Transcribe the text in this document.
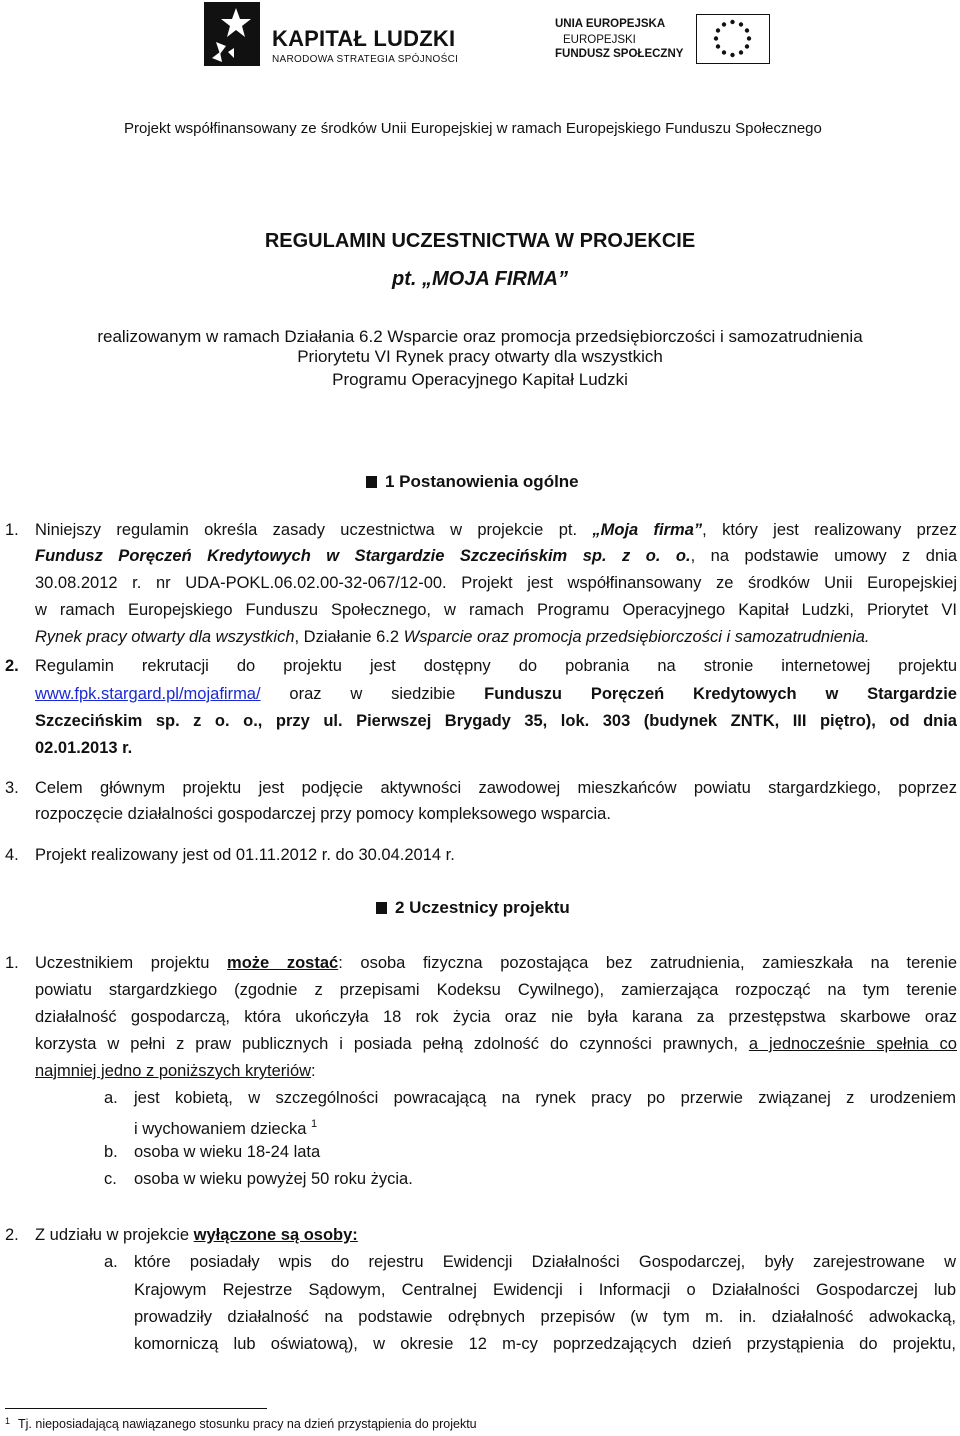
KAPITAŁ LUDZKI
NARODOWA STRATEGIA SPÓJNOŚCI
UNIA EUROPEJSKA
EUROPEJSKI
FUNDUSZ SPOŁECZNY
Projekt współfinansowany ze środków Unii Europejskiej w ramach Europejskiego Funduszu Społecznego
REGULAMIN UCZESTNICTWA W PROJEKCIE
pt. „MOJA FIRMA”
realizowanym w ramach Działania 6.2 Wsparcie oraz promocja przedsiębiorczości i samozatrudnienia
Priorytetu VI Rynek pracy otwarty dla wszystkich
Programu Operacyjnego Kapitał Ludzki
1 Postanowienia ogólne
1. Niniejszy regulamin określa zasady uczestnictwa w projekcie pt. „Moja firma”, który jest realizowany przez
Fundusz Poręczeń Kredytowych w Stargardzie Szczecińskim sp. z o. o., na podstawie umowy z dnia
30.08.2012 r. nr UDA-POKL.06.02.00-32-067/12-00. Projekt jest współfinansowany ze środków Unii Europejskiej
w ramach Europejskiego Funduszu Społecznego, w ramach Programu Operacyjnego Kapitał Ludzki, Priorytet VI
Rynek pracy otwarty dla wszystkich, Działanie 6.2 Wsparcie oraz promocja przedsiębiorczości i samozatrudnienia.
2. Regulamin rekrutacji do projektu jest dostępny do pobrania na stronie internetowej projektu
www.fpk.stargard.pl/mojafirma/ oraz w siedzibie Funduszu Poręczeń Kredytowych w Stargardzie
Szczecińskim sp. z o. o., przy ul. Pierwszej Brygady 35, lok. 303 (budynek ZNTK, III piętro), od dnia
02.01.2013 r.
3. Celem głównym projektu jest podjęcie aktywności zawodowej mieszkańców powiatu stargardzkiego, poprzez
rozpoczęcie działalności gospodarczej przy pomocy kompleksowego wsparcia.
4. Projekt realizowany jest od 01.11.2012 r. do 30.04.2014 r.
2 Uczestnicy projektu
1. Uczestnikiem projektu może zostać: osoba fizyczna pozostająca bez zatrudnienia, zamieszkała na terenie
powiatu stargardzkiego (zgodnie z przepisami Kodeksu Cywilnego), zamierzająca rozpocząć na tym terenie
działalność gospodarczą, która ukończyła 18 rok życia oraz nie była karana za przestępstwa skarbowe oraz
korzysta w pełni z praw publicznych i posiada pełną zdolność do czynności prawnych, a jednocześnie spełnia co
najmniej jedno z poniższych kryteriów:
a. jest kobietą, w szczególności powracającą na rynek pracy po przerwie związanej z urodzeniem
i wychowaniem dziecka $^1$
b. osoba w wieku 18-24 lata
c. osoba w wieku powyżej 50 roku życia.
2. Z udziału w projekcie wyłączone są osoby:
a. które posiadały wpis do rejestru Ewidencji Działalności Gospodarczej, były zarejestrowane w
Krajowym Rejestrze Sądowym, Centralnej Ewidencji i Informacji o Działalności Gospodarczej lub
prowadziły działalność na podstawie odrębnych przepisów (w tym m. in. działalność adwokacką,
komorniczą lub oświatową), w okresie 12 m-cy poprzedzających dzień przystąpienia do projektu,
$^1$ Tj. nieposiadającą nawiązanego stosunku pracy na dzień przystąpienia do projektu
